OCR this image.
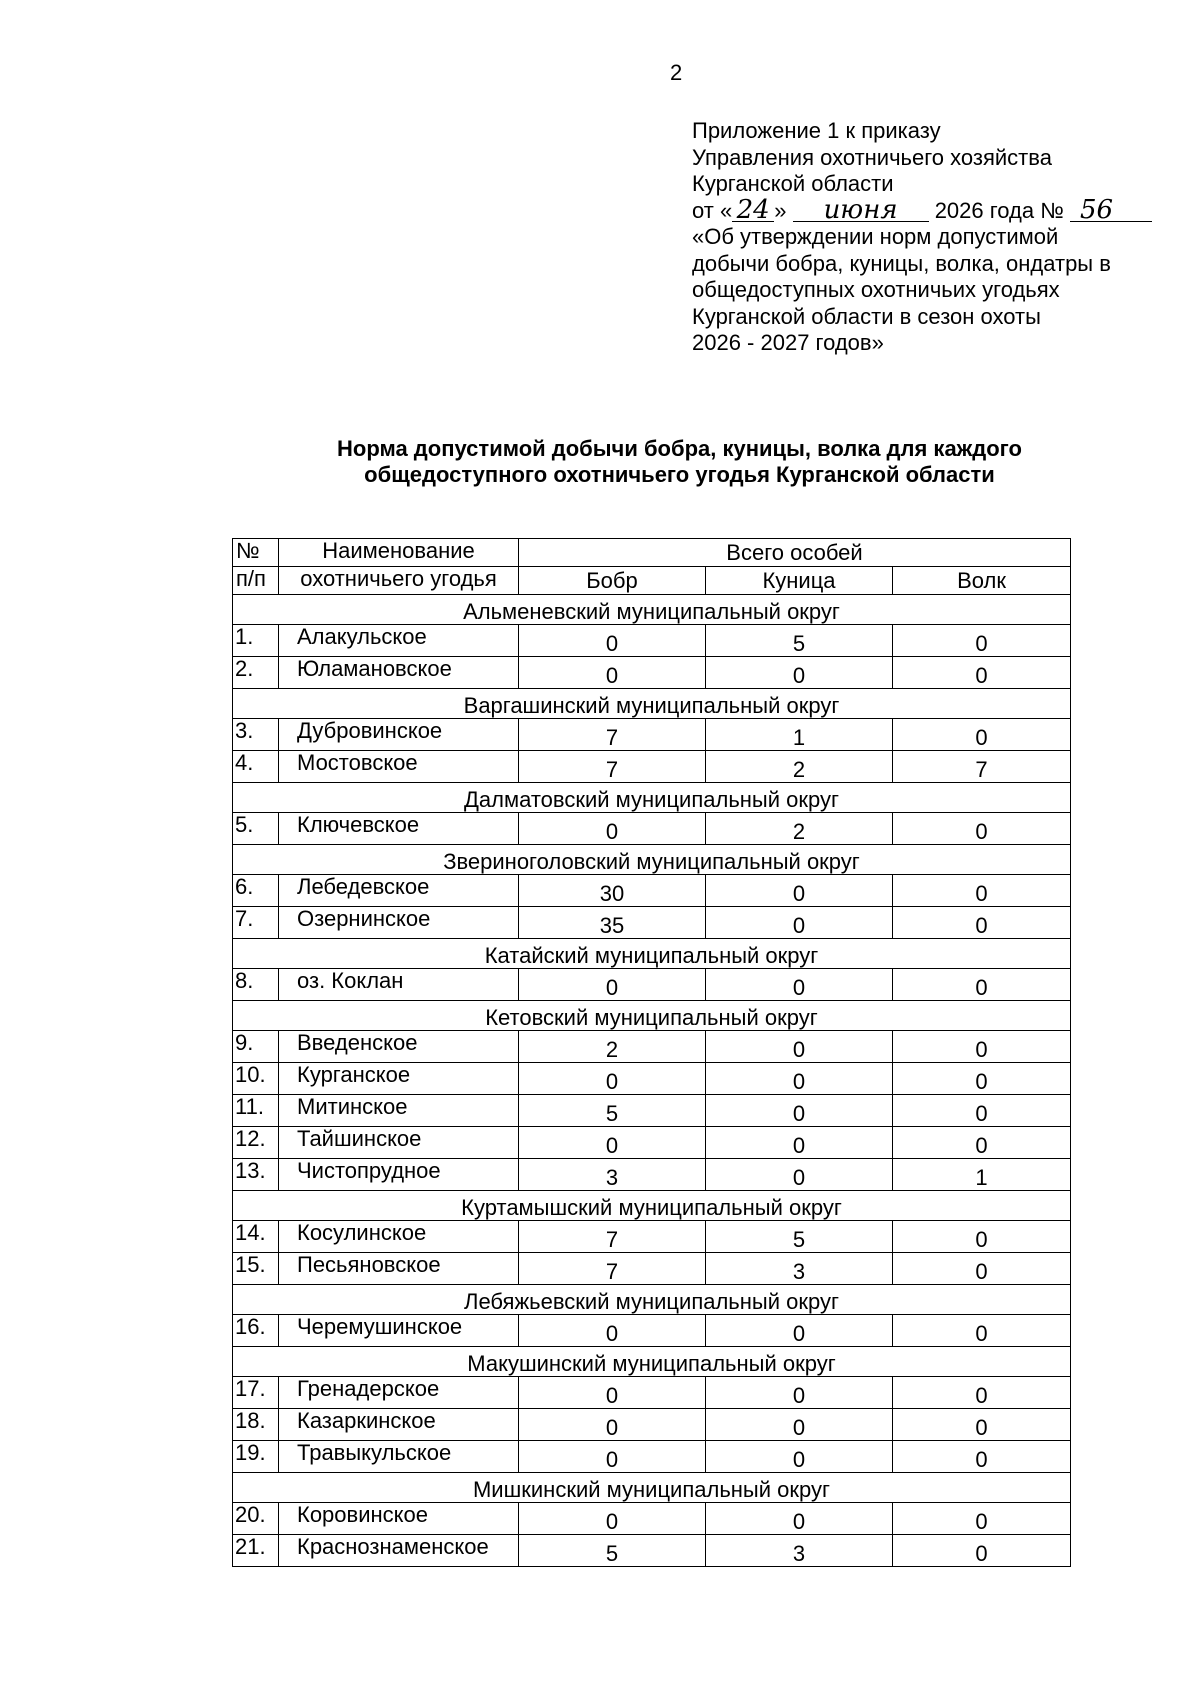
2
Приложение 1 к приказу
Управления охотничьего хозяйства
Курганской области
от « 24 » июня 2026 года № 56
«Об утверждении норм допустимой
добычи бобра, куницы, волка, ондатры в
общедоступных охотничьих угодьях
Курганской области в сезон охоты
2026 - 2027 годов»
Норма допустимой добычи бобра, куницы, волка для каждого
общедоступного охотничьего угодья Курганской области
№	Наименование	Всего особей		
п/п	охотничьего угодья	Бобр	Куница	Волк
Альменевский муниципальный округ				
1.	Алакульское	0	5	0
2.	Юламановское	0	0	0
Варгашинский муниципальный округ				
3.	Дубровинское	7	1	0
4.	Мостовское	7	2	7
Далматовский муниципальный округ				
5.	Ключевское	0	2	0
Звериноголовский муниципальный округ				
6.	Лебедевское	30	0	0
7.	Озернинское	35	0	0
Катайский муниципальный округ				
8.	оз. Коклан	0	0	0
Кетовский муниципальный округ				
9.	Введенское	2	0	0
10.	Курганское	0	0	0
11.	Митинское	5	0	0
12.	Тайшинское	0	0	0
13.	Чистопрудное	3	0	1
Куртамышский муниципальный округ				
14.	Косулинское	7	5	0
15.	Песьяновское	7	3	0
Лебяжьевский муниципальный округ				
16.	Черемушинское	0	0	0
Макушинский муниципальный округ				
17.	Гренадерское	0	0	0
18.	Казаркинское	0	0	0
19.	Травыкульское	0	0	0
Мишкинский муниципальный округ				
20.	Коровинское	0	0	0
21.	Краснознаменское	5	3	0
